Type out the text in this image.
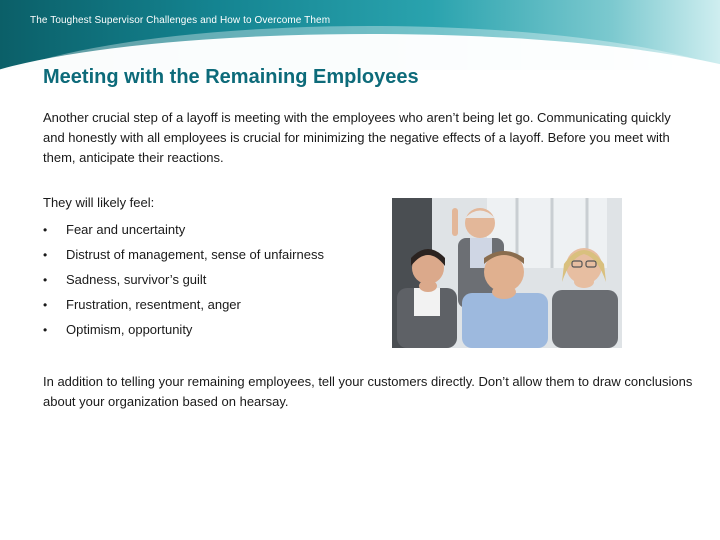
The Toughest Supervisor Challenges and How to Overcome Them
Meeting with the Remaining Employees

Another crucial step of a layoff is meeting with the employees who aren’t being let go. Communicating quickly and honestly with all employees is crucial for minimizing the negative effects of a layoff. Before you meet with them, anticipate their reactions.

They will likely feel:

• Fear and uncertainty
• Distrust of management, sense of unfairness
• Sadness, survivor’s guilt
• Frustration, resentment, anger
• Optimism, opportunity

In addition to telling your remaining employees, tell your customers directly. Don’t allow them to draw conclusions about your organization based on hearsay.
